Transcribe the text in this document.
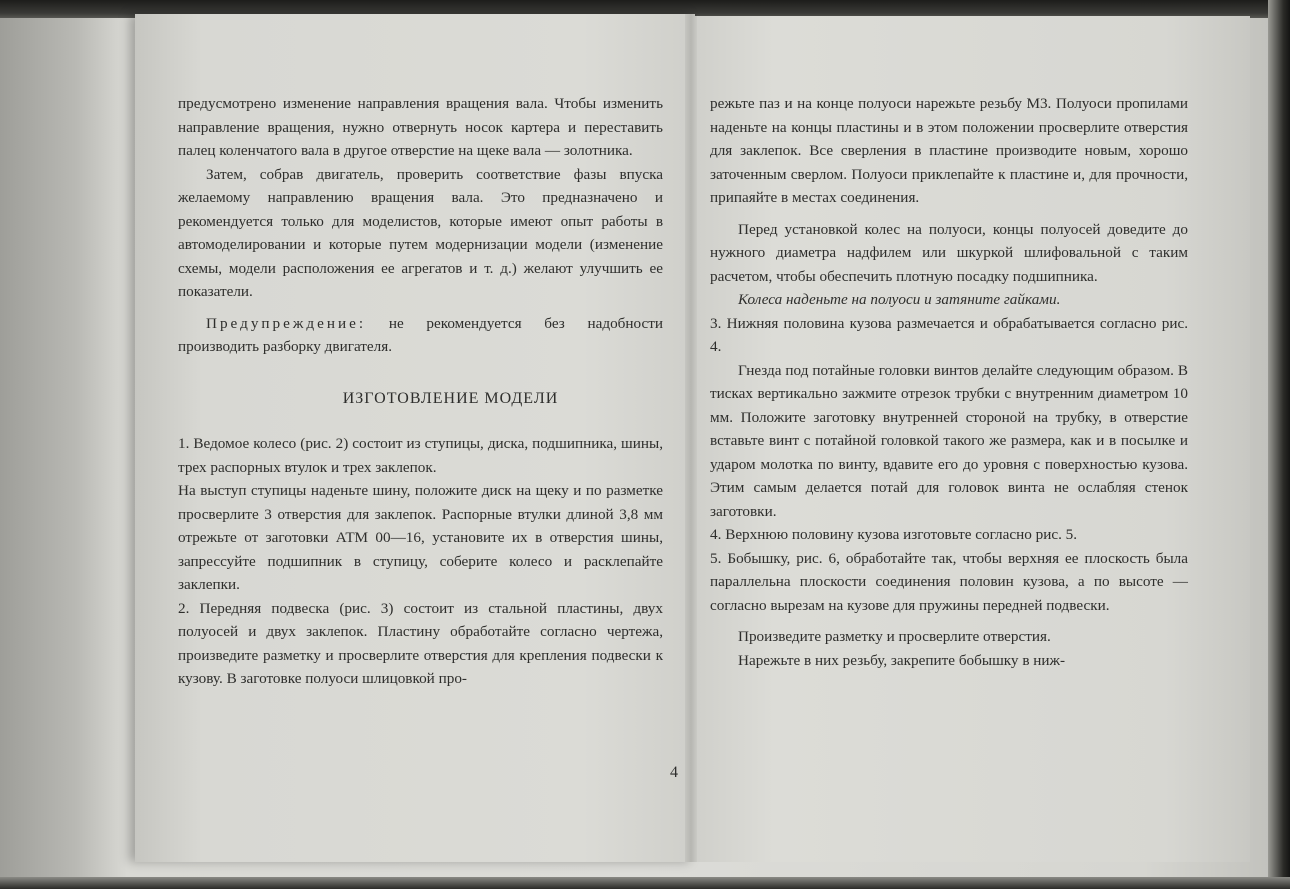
предусмотрено изменение направления вращения вала. Чтобы изменить направление вращения, нужно отвернуть носок картера и переставить палец коленчатого вала в другое отверстие на щеке вала — золотника.

Затем, собрав двигатель, проверить соответствие фазы впуска желаемому направлению вращения вала. Это предназначено и рекомендуется только для моделистов, которые имеют опыт работы в автомоделировании и которые путем модернизации модели (изменение схемы, модели расположения ее агрегатов и т. д.) желают улучшить ее показатели.

Предупреждение: не рекомендуется без надобности производить разборку двигателя.

ИЗГОТОВЛЕНИЕ МОДЕЛИ

1. Ведомое колесо (рис. 2) состоит из ступицы, диска, подшипника, шины, трех распорных втулок и трех заклепок.

На выступ ступицы наденьте шину, положите диск на щеку и по разметке просверлите 3 отверстия для заклепок. Распорные втулки длиной 3,8 мм отрежьте от заготовки АТМ 00—16, установите их в отверстия шины, запрессуйте подшипник в ступицу, соберите колесо и расклепайте заклепки.

2. Передняя подвеска (рис. 3) состоит из стальной пластины, двух полуосей и двух заклепок. Пластину обработайте согласно чертежа, произведите разметку и просверлите отверстия для крепления подвески к кузову. В заготовке полуоси шлицовкой про-

режьте паз и на конце полуоси нарежьте резьбу М3. Полуоси пропилами наденьте на концы пластины и в этом положении просверлите отверстия для заклепок. Все сверления в пластине производите новым, хорошо заточенным сверлом. Полуоси приклепайте к пластине и, для прочности, припаяйте в местах соединения.

Перед установкой колес на полуоси, концы полуосей доведите до нужного диаметра надфилем или шкуркой шлифовальной с таким расчетом, чтобы обеспечить плотную посадку подшипника.

Колеса наденьте на полуоси и затяните гайками.

3. Нижняя половина кузова размечается и обрабатывается согласно рис. 4.

Гнезда под потайные головки винтов делайте следующим образом. В тисках вертикально зажмите отрезок трубки с внутренним диаметром 10 мм. Положите заготовку внутренней стороной на трубку, в отверстие вставьте винт с потайной головкой такого же размера, как и в посылке и ударом молотка по винту, вдавите его до уровня с поверхностью кузова. Этим самым делается потай для головок винта не ослабляя стенок заготовки.

4. Верхнюю половину кузова изготовьте согласно рис. 5.

5. Бобышку, рис. 6, обработайте так, чтобы верхняя ее плоскость была параллельна плоскости соединения половин кузова, а по высоте — согласно вырезам на кузове для пружины передней подвески.

Произведите разметку и просверлите отверстия.

Нарежьте в них резьбу, закрепите бобышку в ниж-

4
